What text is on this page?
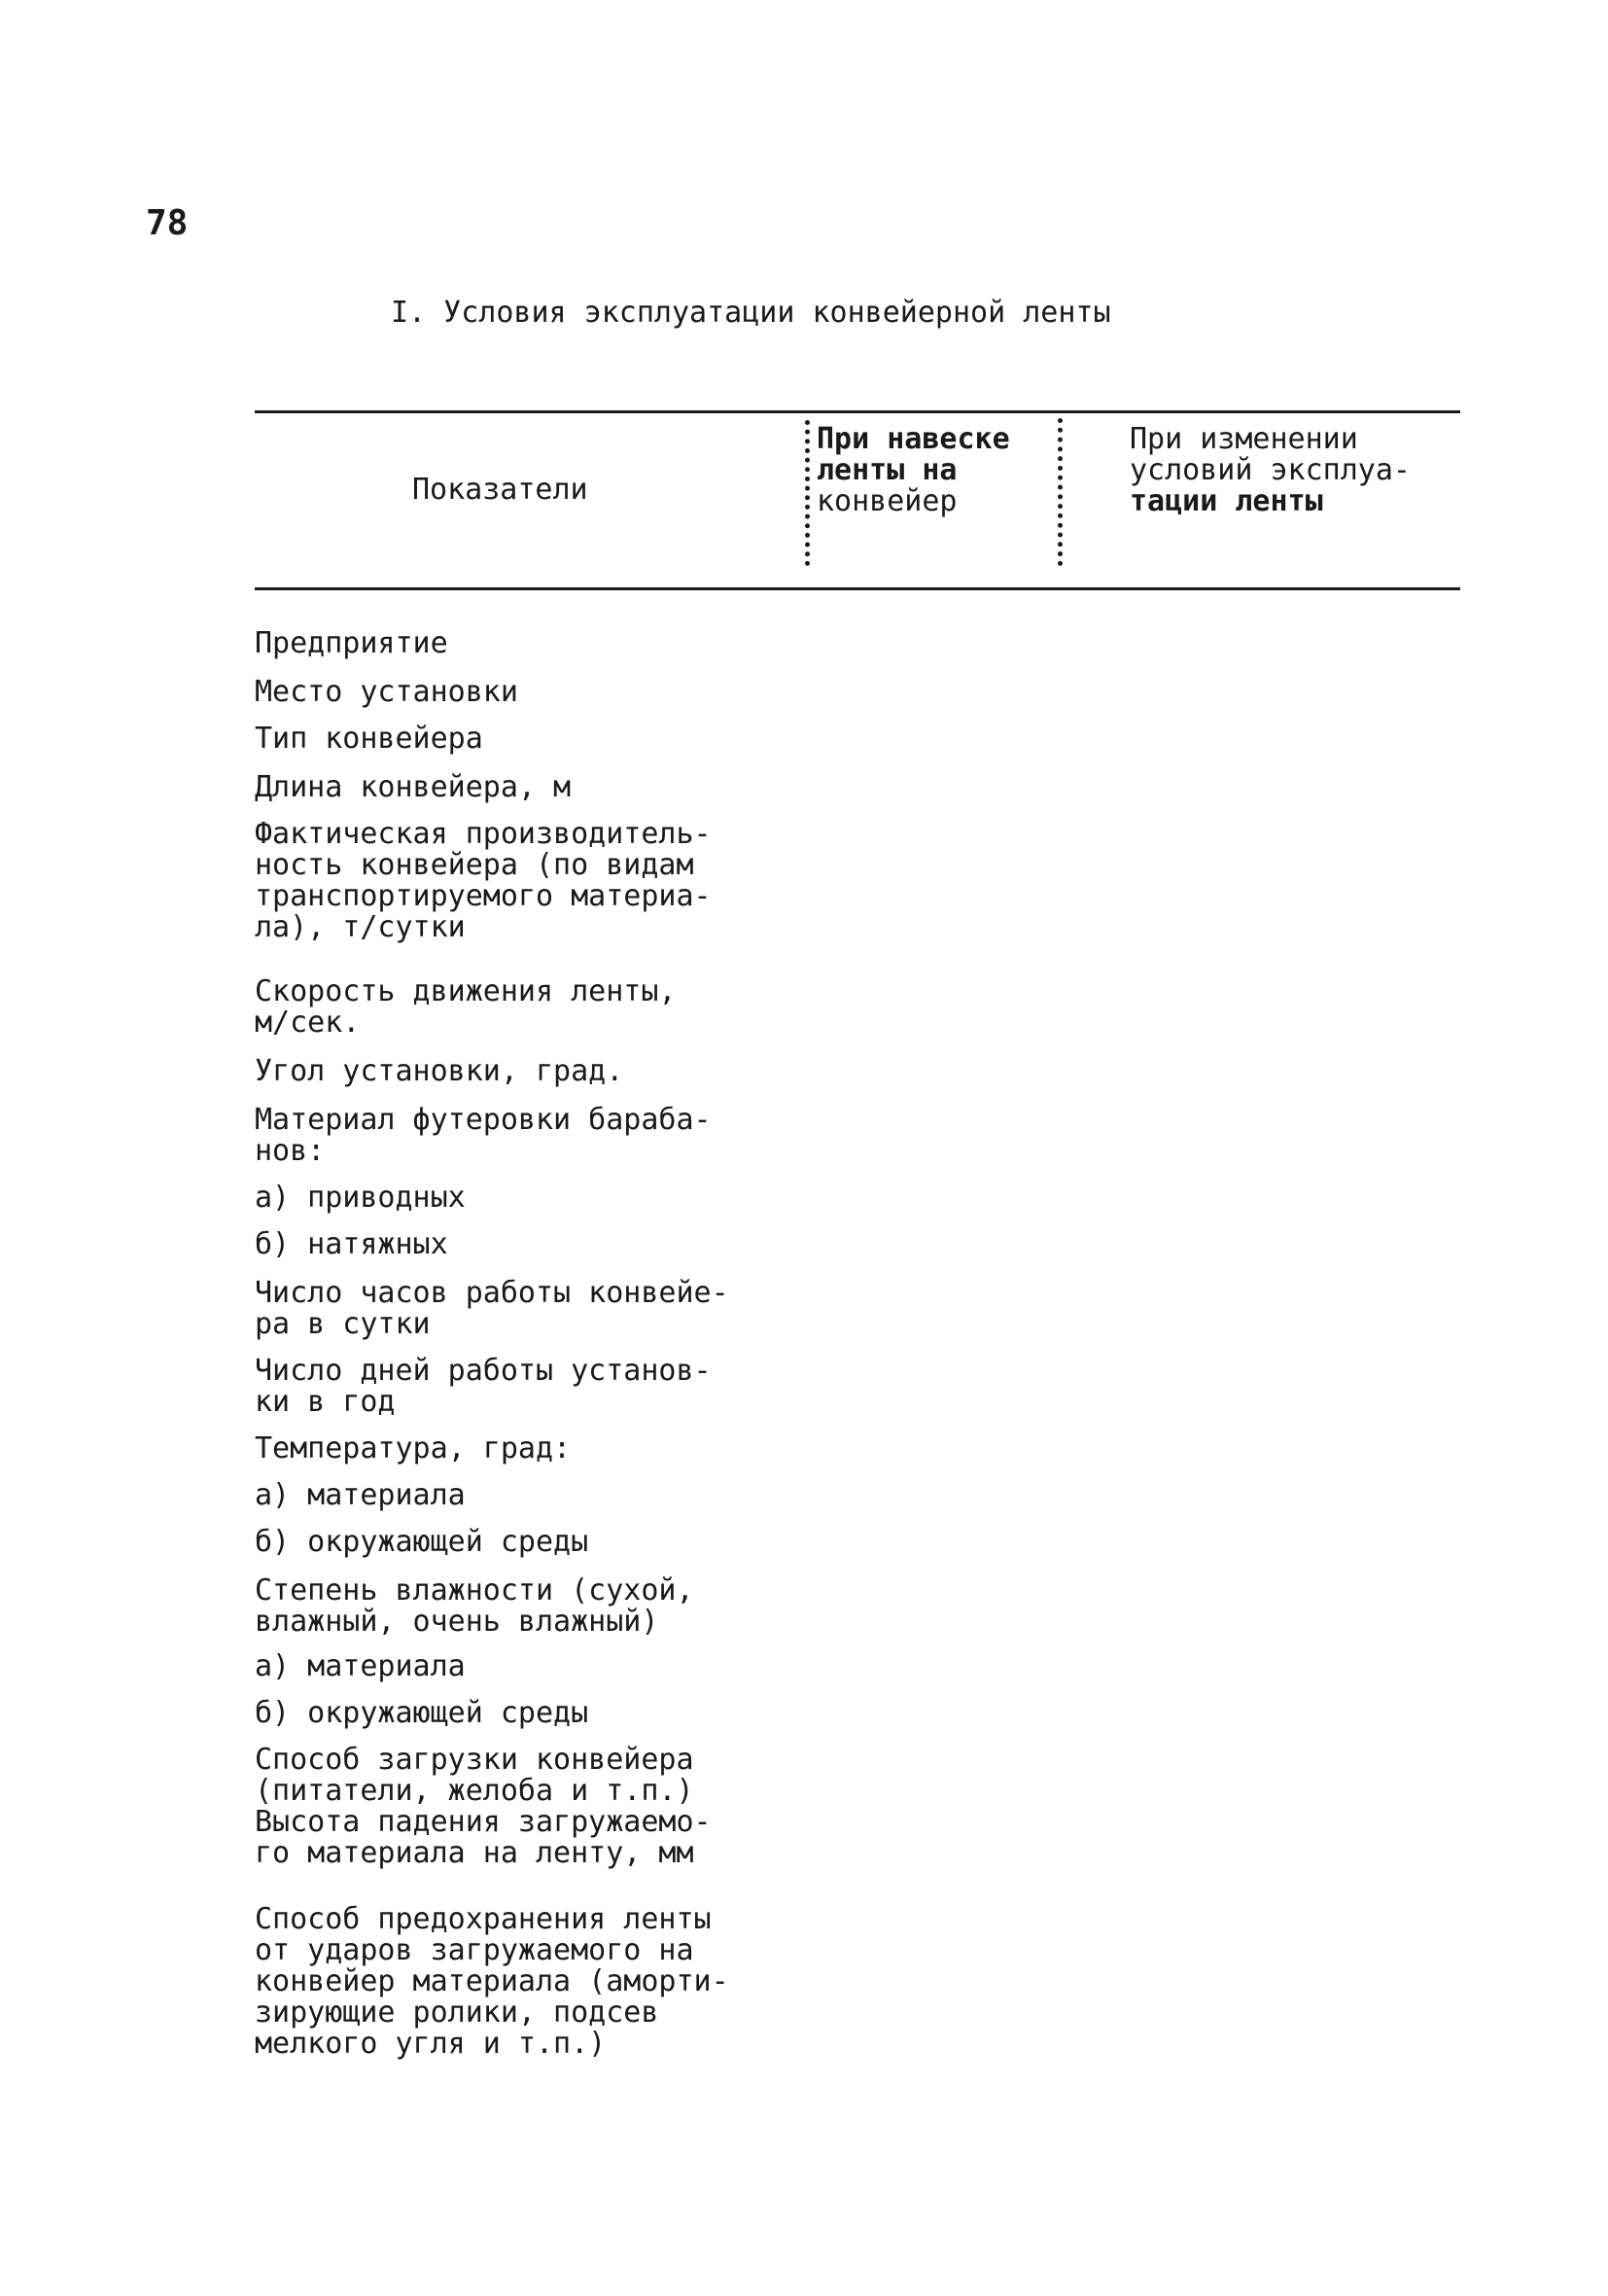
78
I. Условия эксплуатации конвейерной ленты
Показатели
При навеске
ленты на
конвейер
При изменении
условий эксплуа-
тации ленты
Предприятие
Место установки
Тип конвейера
Длина конвейера, м
Фактическая производитель-
ность конвейера (по видам
транспортируемого материа-
ла), т/сутки
Скорость движения ленты,
м/сек.
Угол установки, град.
Материал футеровки бараба-
нов:
а) приводных
б) натяжных
Число часов работы конвейе-
ра в сутки
Число дней работы установ-
ки в год
Температура, град:
а) материала
б) окружающей среды
Степень влажности (сухой,
влажный, очень влажный)
а) материала
б) окружающей среды
Способ загрузки конвейера
(питатели, желоба и т.п.)
Высота падения загружаемо-
го материала на ленту, мм
Способ предохранения ленты
от ударов загружаемого на
конвейер материала (аморти-
зирующие ролики, подсев
мелкого угля и т.п.)
